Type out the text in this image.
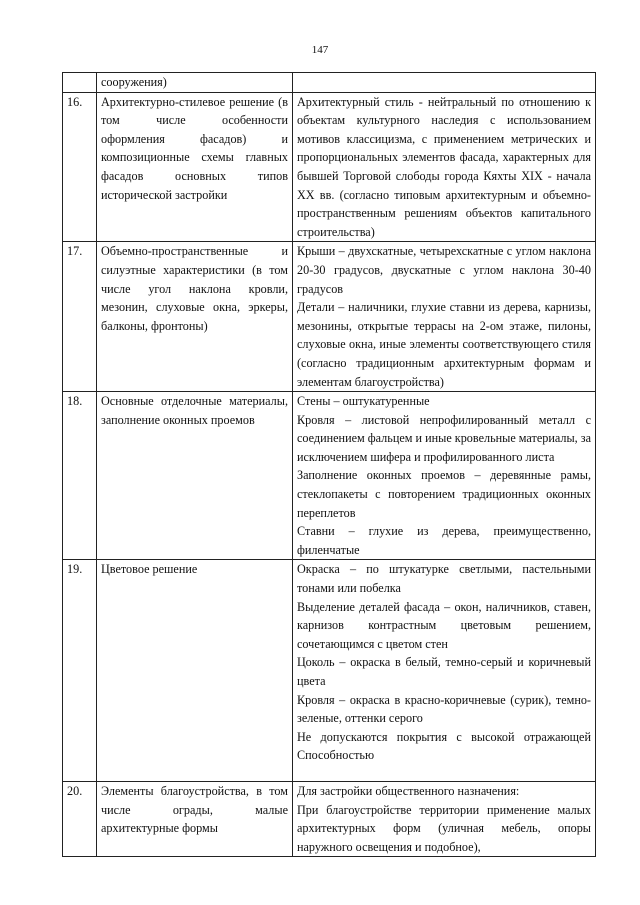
147
	сооружения)	
16.	Архитектурно-стилевое решение (в том числе особенности оформления фасадов) и композиционные схемы главных фасадов основных типов исторической застройки	Архитектурный стиль - нейтральный по отношению к объектам культурного наследия с использованием мотивов классицизма, с применением метрических и пропорциональных элементов фасада, характерных для бывшей Торговой слободы города Кяхты XIX - начала XX вв. (согласно типовым архитектурным и объемно-пространственным решениям объектов капитального строительства)

17.	Объемно-пространственные и силуэтные характеристики (в том числе угол наклона кровли, мезонин, слуховые окна, эркеры, балконы, фронтоны)	Крыши – двухскатные, четырехскатные с углом наклона 20-30 градусов, двускатные с углом наклона 30-40 градусов
Детали – наличники, глухие ставни из дерева, карнизы, мезонины, открытые террасы на 2-ом этаже, пилоны, слуховые окна, иные элементы соответствующего стиля (согласно традиционным архитектурным формам и элементам благоустройства)

18.	Основные отделочные материалы, заполнение оконных проемов	Стены – оштукатуренные
Кровля – листовой непрофилированный металл с соединением фальцем и иные кровельные материалы, за исключением шифера и профилированного листа
Заполнение оконных проемов – деревянные рамы, стеклопакеты с повторением традиционных оконных переплетов
Ставни – глухие из дерева, преимущественно, филенчатые

19.	Цветовое решение	Окраска – по штукатурке светлыми, пастельными тонами или побелка
Выделение деталей фасада – окон, наличников, ставен, карнизов контрастным цветовым решением, сочетающимся с цветом стен
Цоколь – окраска в белый, темно-серый и коричневый цвета
Кровля – окраска в красно-коричневые (сурик), темно-зеленые, оттенки серого
Не допускаются покрытия с высокой отражающей Способностью

20.	Элементы благоустройства, в том числе ограды, малые архитектурные формы	Для застройки общественного назначения:
При благоустройстве территории применение малых архитектурных форм (уличная мебель, опоры наружного освещения и подобное),
